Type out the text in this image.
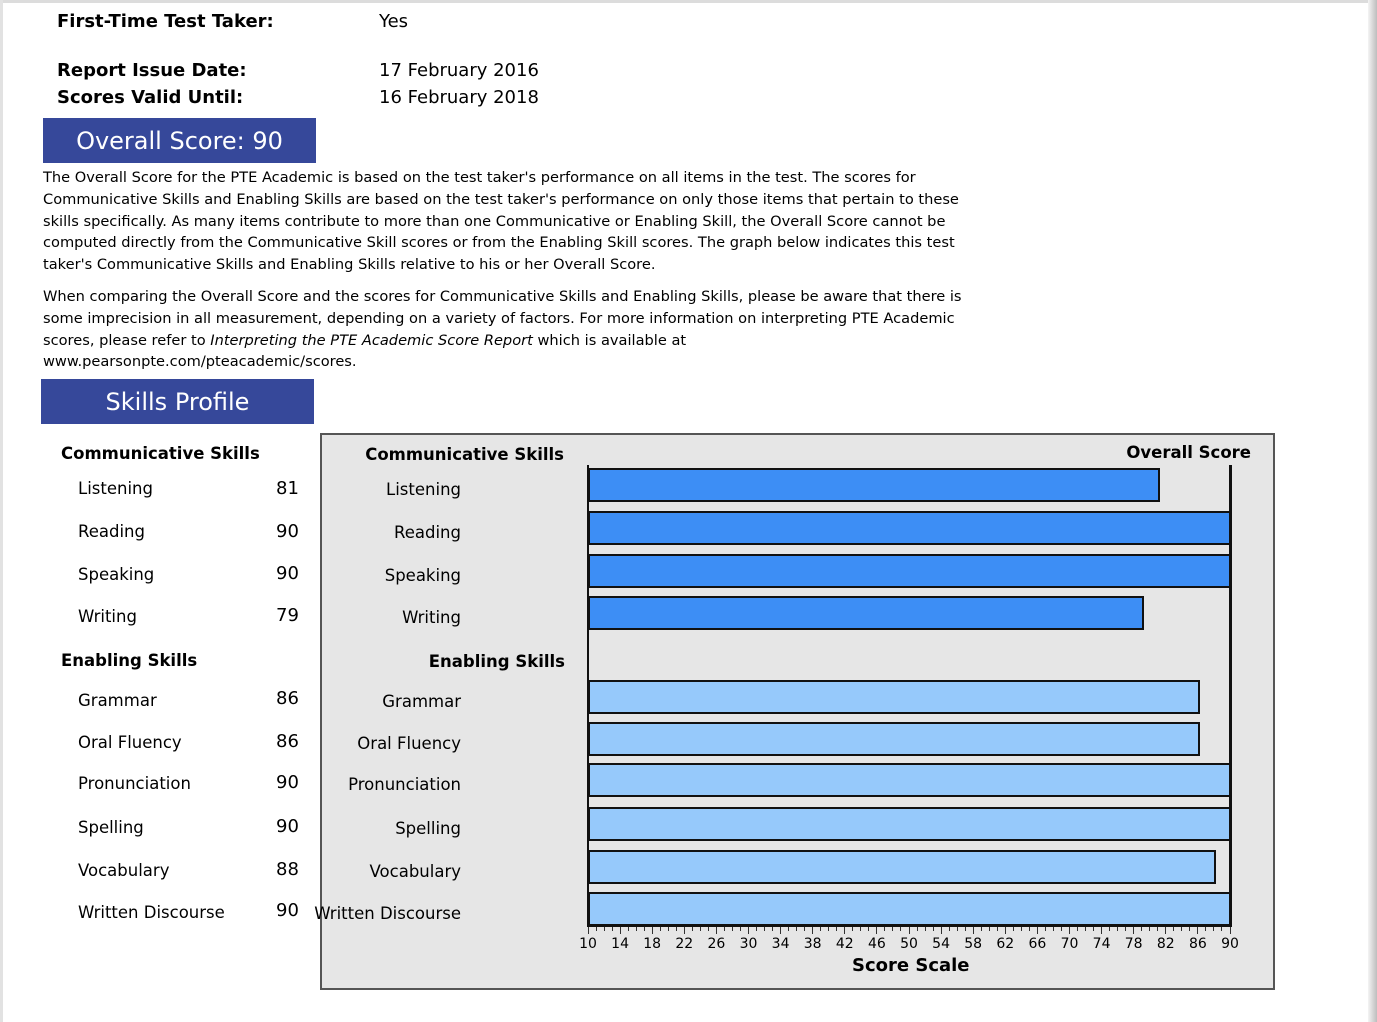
First-Time Test Taker:	Yes
Report Issue Date:	17 February 2016
Scores Valid Until:	16 February 2018
Overall Score: 90
The Overall Score for the PTE Academic is based on the test taker's performance on all items in the test. The scores for Communicative Skills and Enabling Skills are based on the test taker's performance on only those items that pertain to these skills specifically. As many items contribute to more than one Communicative or Enabling Skill, the Overall Score cannot be computed directly from the Communicative Skill scores or from the Enabling Skill scores. The graph below indicates this test taker's Communicative Skills and Enabling Skills relative to his or her Overall Score.
When comparing the Overall Score and the scores for Communicative Skills and Enabling Skills, please be aware that there is some imprecision in all measurement, depending on a variety of factors. For more information on interpreting PTE Academic scores, please refer to Interpreting the PTE Academic Score Report which is available at www.pearsonpte.com/pteacademic/scores.
Skills Profile
Communicative Skills
Listening	81
Reading	90
Speaking	90
Writing	79
Enabling Skills
Grammar	86
Oral Fluency	86
Pronunciation	90
Spelling	90
Vocabulary	88
Written Discourse	90
Communicative Skills
Enabling Skills
Overall Score
Score Scale
Listening
Reading
Speaking
Writing
Grammar
Oral Fluency
Pronunciation
Spelling
Vocabulary
Written Discourse
10 14 18 22 26 30 34 38 42 46 50 54 58 62 66 70 74 78 82 86 90
